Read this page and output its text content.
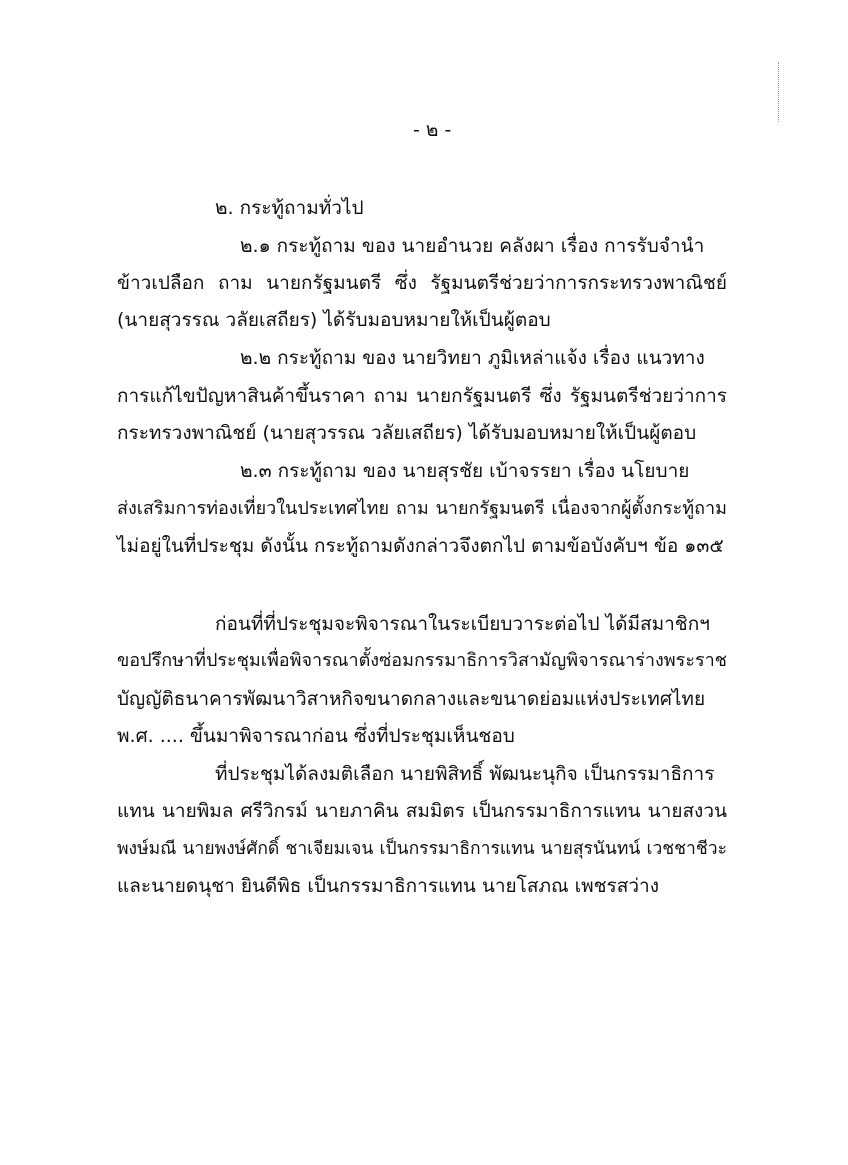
- ๒ -
๒. กระทู้ถามทั่วไป
๒.๑ กระทู้ถาม ของ นายอำนวย คลังผา เรื่อง การรับจำนำ
ข้าวเปลือก ถาม นายกรัฐมนตรี ซึ่ง รัฐมนตรีช่วยว่าการกระทรวงพาณิชย์
(นายสุวรรณ วลัยเสถียร) ได้รับมอบหมายให้เป็นผู้ตอบ
๒.๒ กระทู้ถาม ของ นายวิทยา ภูมิเหล่าแจ้ง เรื่อง แนวทาง
การแก้ไขปัญหาสินค้าขึ้นราคา ถาม นายกรัฐมนตรี ซึ่ง รัฐมนตรีช่วยว่าการ
กระทรวงพาณิชย์ (นายสุวรรณ วลัยเสถียร) ได้รับมอบหมายให้เป็นผู้ตอบ
๒.๓ กระทู้ถาม ของ นายสุรชัย เบ้าจรรยา เรื่อง นโยบาย
ส่งเสริมการท่องเที่ยวในประเทศไทย ถาม นายกรัฐมนตรี เนื่องจากผู้ตั้งกระทู้ถาม
ไม่อยู่ในที่ประชุม ดังนั้น กระทู้ถามดังกล่าวจึงตกไป ตามข้อบังคับฯ ข้อ ๑๓๕
ก่อนที่ที่ประชุมจะพิจารณาในระเบียบวาระต่อไป ได้มีสมาชิกฯ
ขอปรึกษาที่ประชุมเพื่อพิจารณาตั้งซ่อมกรรมาธิการวิสามัญพิจารณาร่างพระราช
บัญญัติธนาคารพัฒนาวิสาหกิจขนาดกลางและขนาดย่อมแห่งประเทศไทย
พ.ศ. .... ขึ้นมาพิจารณาก่อน ซึ่งที่ประชุมเห็นชอบ
ที่ประชุมได้ลงมติเลือก นายพิสิทธิ์ พัฒนะนุกิจ เป็นกรรมาธิการ
แทน นายพิมล ศรีวิกรม์ นายภาคิน สมมิตร เป็นกรรมาธิการแทน นายสงวน
พงษ์มณี นายพงษ์ศักดิ์ ชาเจียมเจน เป็นกรรมาธิการแทน นายสุรนันทน์ เวชชาชีวะ
และนายดนุชา ยินดีพิธ เป็นกรรมาธิการแทน นายโสภณ เพชรสว่าง
